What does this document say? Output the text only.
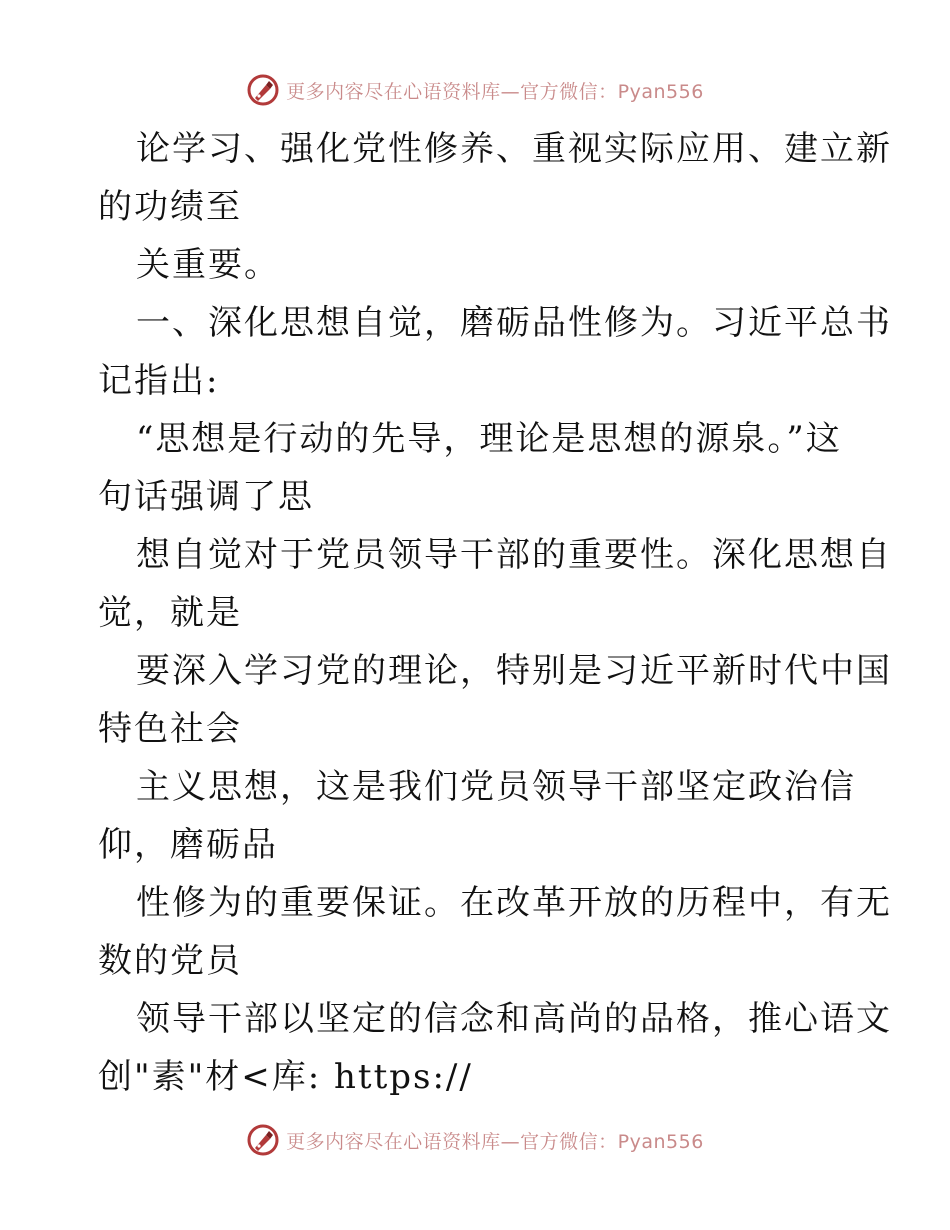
更多内容尽在心语资料库—官方微信：Pyan556
论学习、强化党性修养、重视实际应用、建立新
的功绩至
关重要。
一、深化思想自觉，磨砺品性修为。习近平总书
记指出:
“思想是行动的先导，理论是思想的源泉。”这
句话强调了思
想自觉对于党员领导干部的重要性。深化思想自
觉，就是
要深入学习党的理论，特别是习近平新时代中国
特色社会
主义思想，这是我们党员领导干部坚定政治信
仰，磨砺品
性修为的重要保证。在改革开放的历程中，有无
数的党员
领导干部以坚定的信念和高尚的品格，推心语文
创"素"材<库: https://
更多内容尽在心语资料库—官方微信：Pyan556
